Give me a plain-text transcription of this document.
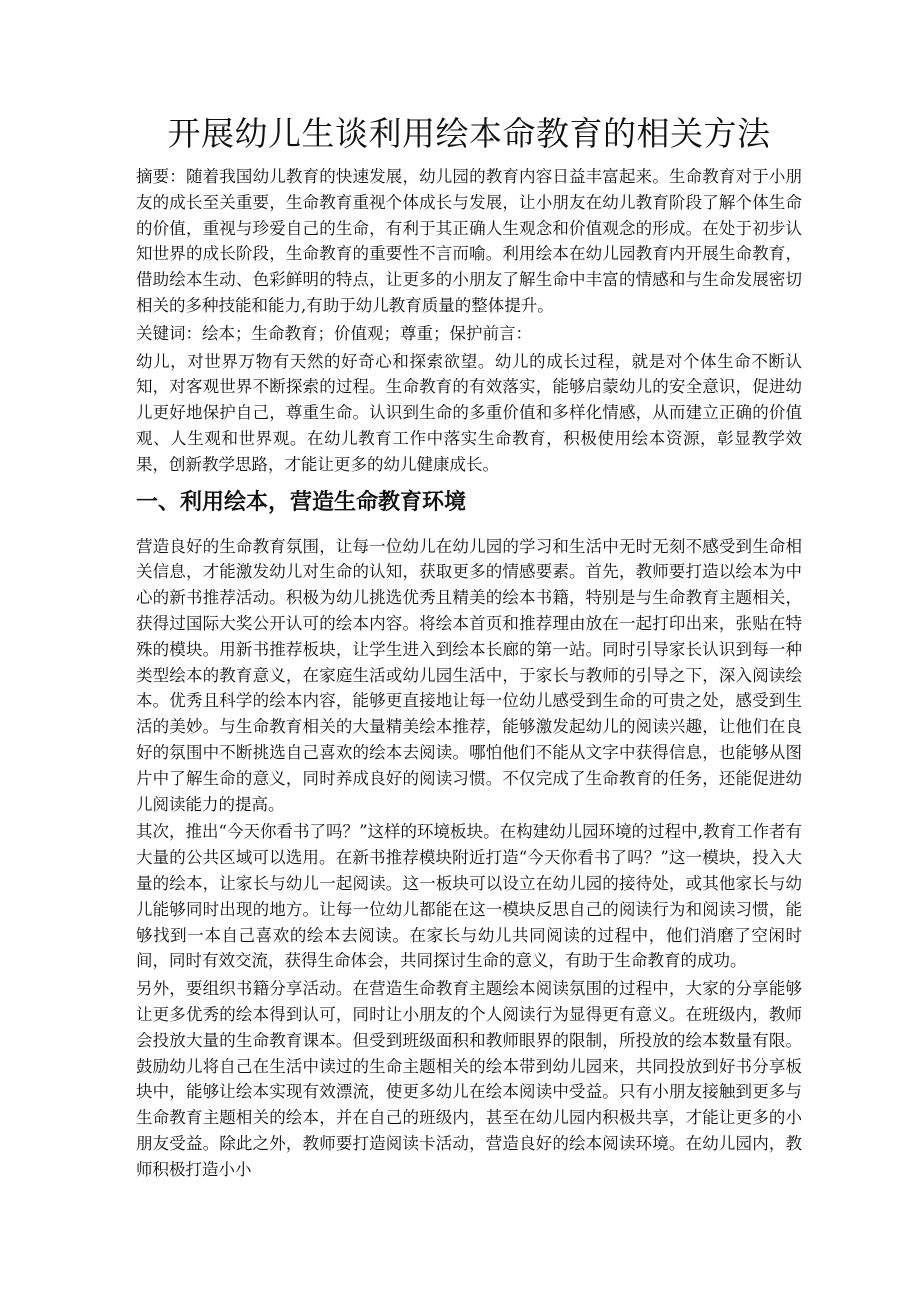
开展幼儿生谈利用绘本命教育的相关方法

摘要：随着我国幼儿教育的快速发展，幼儿园的教育内容日益丰富起来。生命教育对于小朋友的成长至关重要，生命教育重视个体成长与发展，让小朋友在幼儿教育阶段了解个体生命的价值，重视与珍爱自己的生命，有利于其正确人生观念和价值观念的形成。在处于初步认知世界的成长阶段，生命教育的重要性不言而喻。利用绘本在幼儿园教育内开展生命教育，借助绘本生动、色彩鲜明的特点，让更多的小朋友了解生命中丰富的情感和与生命发展密切相关的多种技能和能力,有助于幼儿教育质量的整体提升。

关键词：绘本；生命教育；价值观；尊重；保护前言：

幼儿，对世界万物有天然的好奇心和探索欲望。幼儿的成长过程，就是对个体生命不断认知，对客观世界不断探索的过程。生命教育的有效落实，能够启蒙幼儿的安全意识，促进幼儿更好地保护自己，尊重生命。认识到生命的多重价值和多样化情感，从而建立正确的价值观、人生观和世界观。在幼儿教育工作中落实生命教育，积极使用绘本资源，彰显教学效果，创新教学思路，才能让更多的幼儿健康成长。

一、利用绘本，营造生命教育环境

营造良好的生命教育氛围，让每一位幼儿在幼儿园的学习和生活中无时无刻不感受到生命相关信息，才能激发幼儿对生命的认知，获取更多的情感要素。首先，教师要打造以绘本为中心的新书推荐活动。积极为幼儿挑选优秀且精美的绘本书籍，特别是与生命教育主题相关，获得过国际大奖公开认可的绘本内容。将绘本首页和推荐理由放在一起打印出来，张贴在特殊的模块。用新书推荐板块，让学生进入到绘本长廊的第一站。同时引导家长认识到每一种类型绘本的教育意义，在家庭生活或幼儿园生活中，于家长与教师的引导之下，深入阅读绘本。优秀且科学的绘本内容，能够更直接地让每一位幼儿感受到生命的可贵之处，感受到生活的美妙。与生命教育相关的大量精美绘本推荐，能够激发起幼儿的阅读兴趣，让他们在良好的氛围中不断挑选自己喜欢的绘本去阅读。哪怕他们不能从文字中获得信息，也能够从图片中了解生命的意义，同时养成良好的阅读习惯。不仅完成了生命教育的任务，还能促进幼儿阅读能力的提高。

其次，推出“今天你看书了吗？”这样的环境板块。在构建幼儿园环境的过程中,教育工作者有大量的公共区域可以选用。在新书推荐模块附近打造“今天你看书了吗？”这一模块，投入大量的绘本，让家长与幼儿一起阅读。这一板块可以设立在幼儿园的接待处，或其他家长与幼儿能够同时出现的地方。让每一位幼儿都能在这一模块反思自己的阅读行为和阅读习惯，能够找到一本自己喜欢的绘本去阅读。在家长与幼儿共同阅读的过程中，他们消磨了空闲时间，同时有效交流，获得生命体会，共同探讨生命的意义，有助于生命教育的成功。

另外，要组织书籍分享活动。在营造生命教育主题绘本阅读氛围的过程中，大家的分享能够让更多优秀的绘本得到认可，同时让小朋友的个人阅读行为显得更有意义。在班级内，教师会投放大量的生命教育课本。但受到班级面积和教师眼界的限制，所投放的绘本数量有限。鼓励幼儿将自己在生活中读过的生命主题相关的绘本带到幼儿园来，共同投放到好书分享板块中，能够让绘本实现有效漂流，使更多幼儿在绘本阅读中受益。只有小朋友接触到更多与生命教育主题相关的绘本，并在自己的班级内，甚至在幼儿园内积极共享，才能让更多的小朋友受益。除此之外，教师要打造阅读卡活动，营造良好的绘本阅读环境。在幼儿园内，教师积极打造小小
